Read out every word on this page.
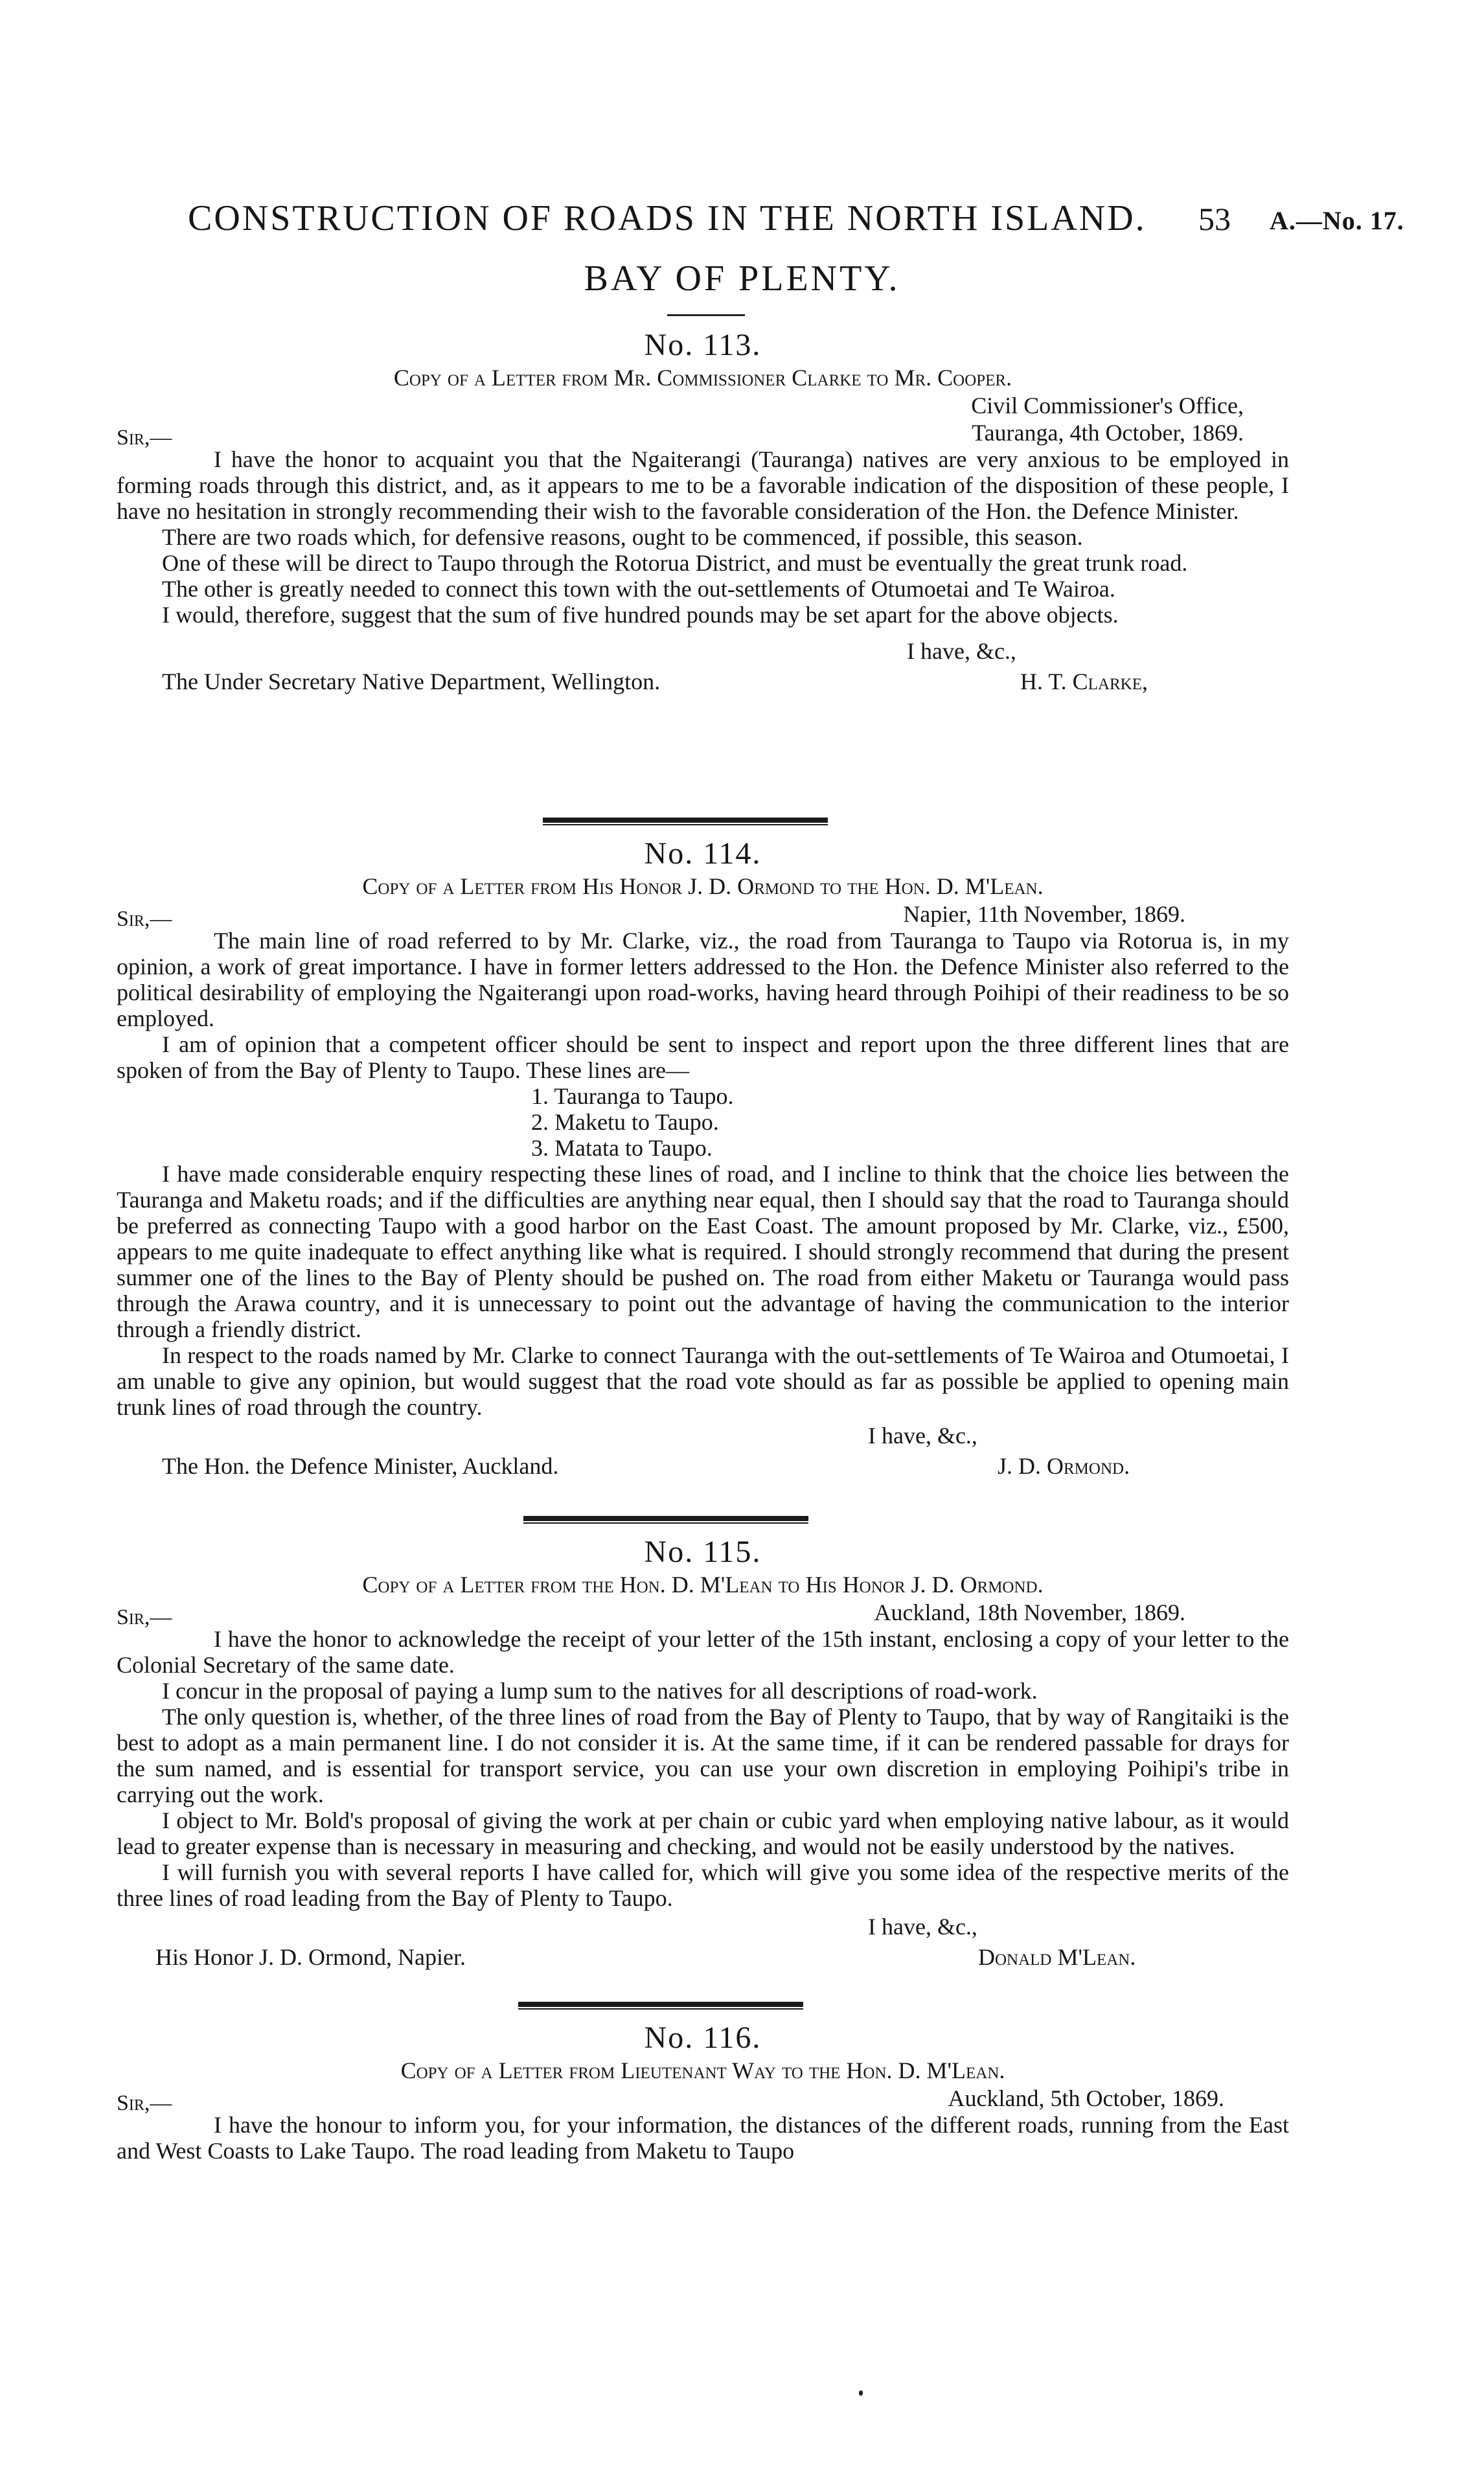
CONSTRUCTION OF ROADS IN THE NORTH ISLAND. 53 A.—No. 17.
BAY OF PLENTY.
No. 113.
Copy of a Letter from Mr. Commissioner Clarke to Mr. Cooper.
Civil Commissioner's Office,
Sir,—	Tauranga, 4th October, 1869.

I have the honor to acquaint you that the Ngaiterangi (Tauranga) natives are very anxious to be employed in forming roads through this district, and, as it appears to me to be a favorable indication of the disposition of these people, I have no hesitation in strongly recommending their wish to the favorable consideration of the Hon. the Defence Minister.

There are two roads which, for defensive reasons, ought to be commenced, if possible, this season.

One of these will be direct to Taupo through the Rotorua District, and must be eventually the great trunk road.

The other is greatly needed to connect this town with the out-settlements of Otumoetai and Te Wairoa.

I would, therefore, suggest that the sum of five hundred pounds may be set apart for the above objects.

I have, &c.,
The Under Secretary Native Department, Wellington.	H. T. Clarke,
No. 114.
Copy of a Letter from His Honor J. D. Ormond to the Hon. D. M'Lean.
Sir,—	Napier, 11th November, 1869.

The main line of road referred to by Mr. Clarke, viz., the road from Tauranga to Taupo via Rotorua is, in my opinion, a work of great importance. I have in former letters addressed to the Hon. the Defence Minister also referred to the political desirability of employing the Ngaiterangi upon road-works, having heard through Poihipi of their readiness to be so employed.

I am of opinion that a competent officer should be sent to inspect and report upon the three different lines that are spoken of from the Bay of Plenty to Taupo. These lines are—

1. Tauranga to Taupo.
2. Maketu to Taupo.
3. Matata to Taupo.

I have made considerable enquiry respecting these lines of road, and I incline to think that the choice lies between the Tauranga and Maketu roads; and if the difficulties are anything near equal, then I should say that the road to Tauranga should be preferred as connecting Taupo with a good harbor on the East Coast. The amount proposed by Mr. Clarke, viz., £500, appears to me quite inadequate to effect anything like what is required. I should strongly recommend that during the present summer one of the lines to the Bay of Plenty should be pushed on. The road from either Maketu or Tauranga would pass through the Arawa country, and it is unnecessary to point out the advantage of having the communication to the interior through a friendly district.

In respect to the roads named by Mr. Clarke to connect Tauranga with the out-settlements of Te Wairoa and Otumoetai, I am unable to give any opinion, but would suggest that the road vote should as far as possible be applied to opening main trunk lines of road through the country.

I have, &c.,
The Hon. the Defence Minister, Auckland.	J. D. Ormond.
No. 115.
Copy of a Letter from the Hon. D. M'Lean to His Honor J. D. Ormond.
Sir,—	Auckland, 18th November, 1869.

I have the honor to acknowledge the receipt of your letter of the 15th instant, enclosing a copy of your letter to the Colonial Secretary of the same date.

I concur in the proposal of paying a lump sum to the natives for all descriptions of road-work.

The only question is, whether, of the three lines of road from the Bay of Plenty to Taupo, that by way of Rangitaiki is the best to adopt as a main permanent line. I do not consider it is. At the same time, if it can be rendered passable for drays for the sum named, and is essential for transport service, you can use your own discretion in employing Poihipi's tribe in carrying out the work.

I object to Mr. Bold's proposal of giving the work at per chain or cubic yard when employing native labour, as it would lead to greater expense than is necessary in measuring and checking, and would not be easily understood by the natives.

I will furnish you with several reports I have called for, which will give you some idea of the respective merits of the three lines of road leading from the Bay of Plenty to Taupo.

I have, &c.,
His Honor J. D. Ormond, Napier.	Donald M'Lean.
No. 116.
Copy of a Letter from Lieutenant Way to the Hon. D. M'Lean.
Sir,—	Auckland, 5th October, 1869.

I have the honour to inform you, for your information, the distances of the different roads, running from the East and West Coasts to Lake Taupo. The road leading from Maketu to Taupo
